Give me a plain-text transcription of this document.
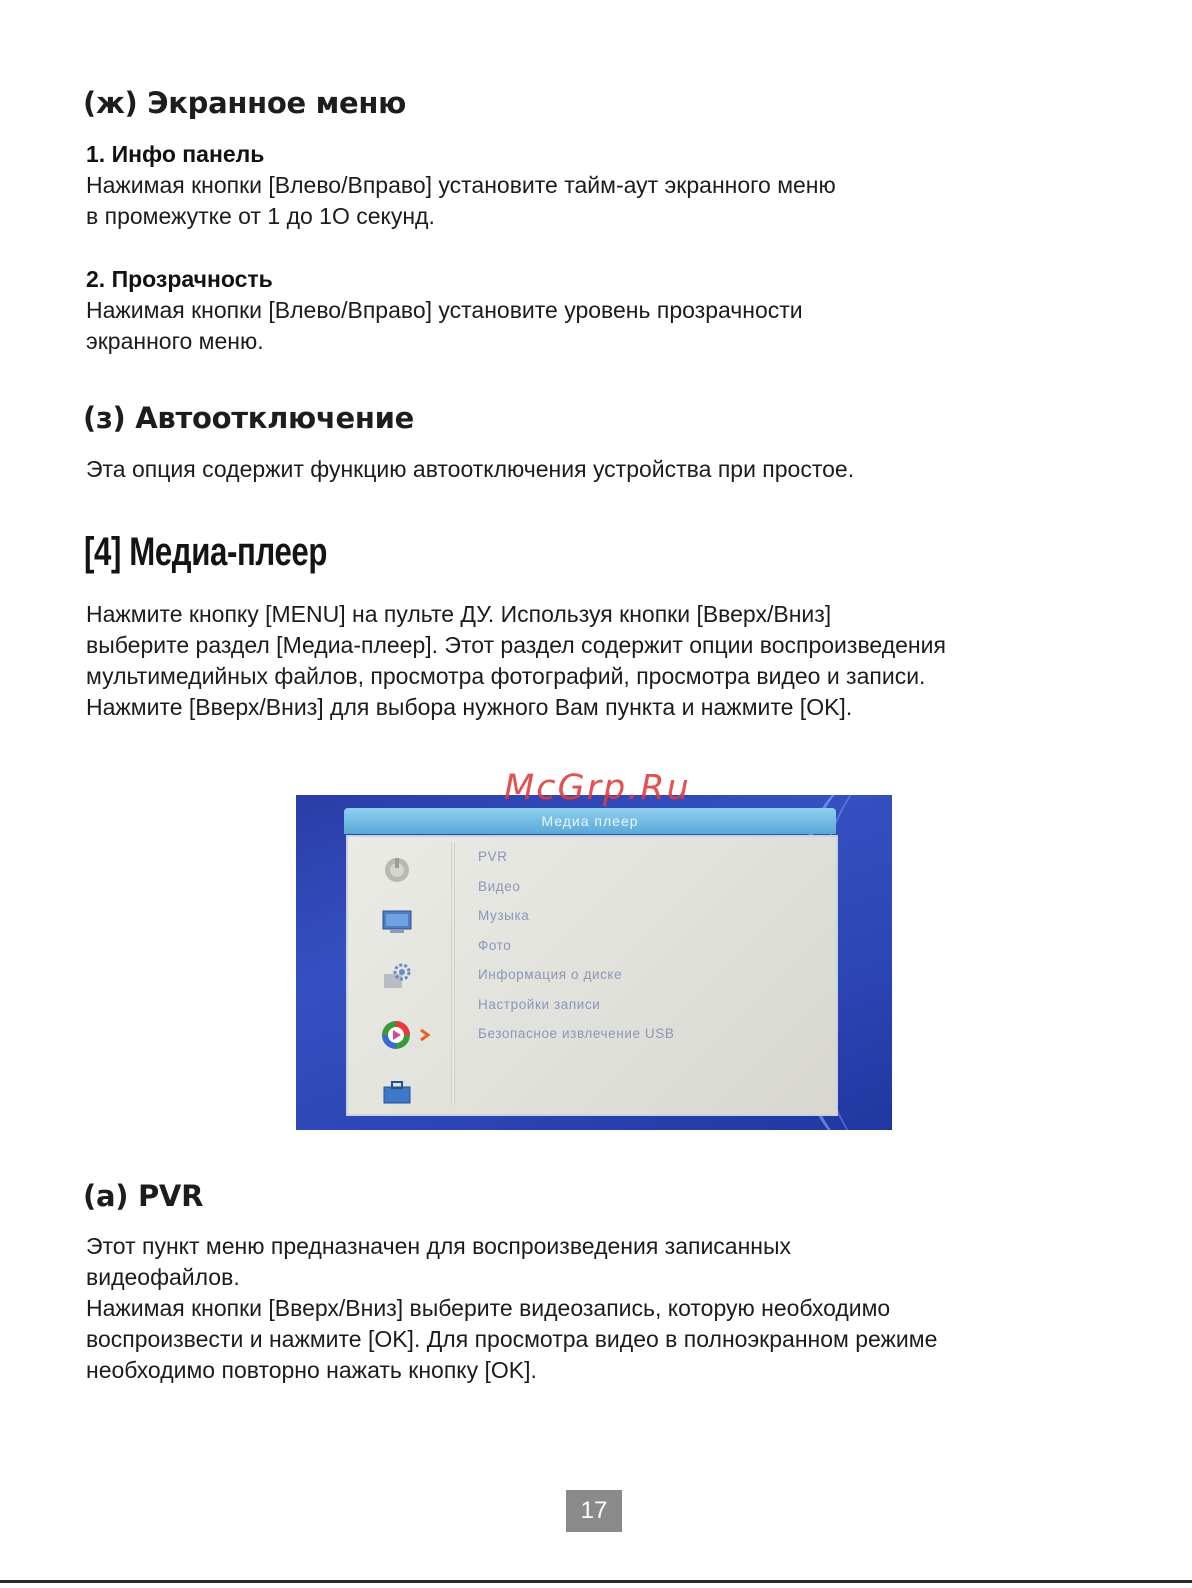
(ж) Экранное меню
1. Инфо панель
Нажимая кнопки [Влево/Вправо] установите тайм-аут экранного меню
в промежутке от 1 до 1О секунд.
2. Прозрачность
Нажимая кнопки [Влево/Вправо] установите уровень прозрачности
экранного меню.
(з) Автоотключение
Эта опция содержит функцию автоотключения устройства при простое.
[4] Медиа-плеер
Нажмите кнопку [MENU] на пульте ДУ. Используя кнопки [Вверх/Вниз]
выберите раздел [Медиа-плеер]. Этот раздел содержит опции воспроизведения
мультимедийных файлов, просмотра фотографий, просмотра видео и записи.
Нажмите [Вверх/Вниз] для выбора нужного Вам пункта и нажмите [OK].
Медиа плеер
PVR
Видео
Музыка
Фото
Информация о диске
Настройки записи
Безопасное извлечение USB
McGrp.Ru
(a) PVR
Этот пункт меню предназначен для воспроизведения записанных
видеофайлов.
Нажимая кнопки [Вверх/Вниз] выберите видеозапись, которую необходимо
воспроизвести и нажмите [OK]. Для просмотра видео в полноэкранном режиме
необходимо повторно нажать кнопку [OK].
17
